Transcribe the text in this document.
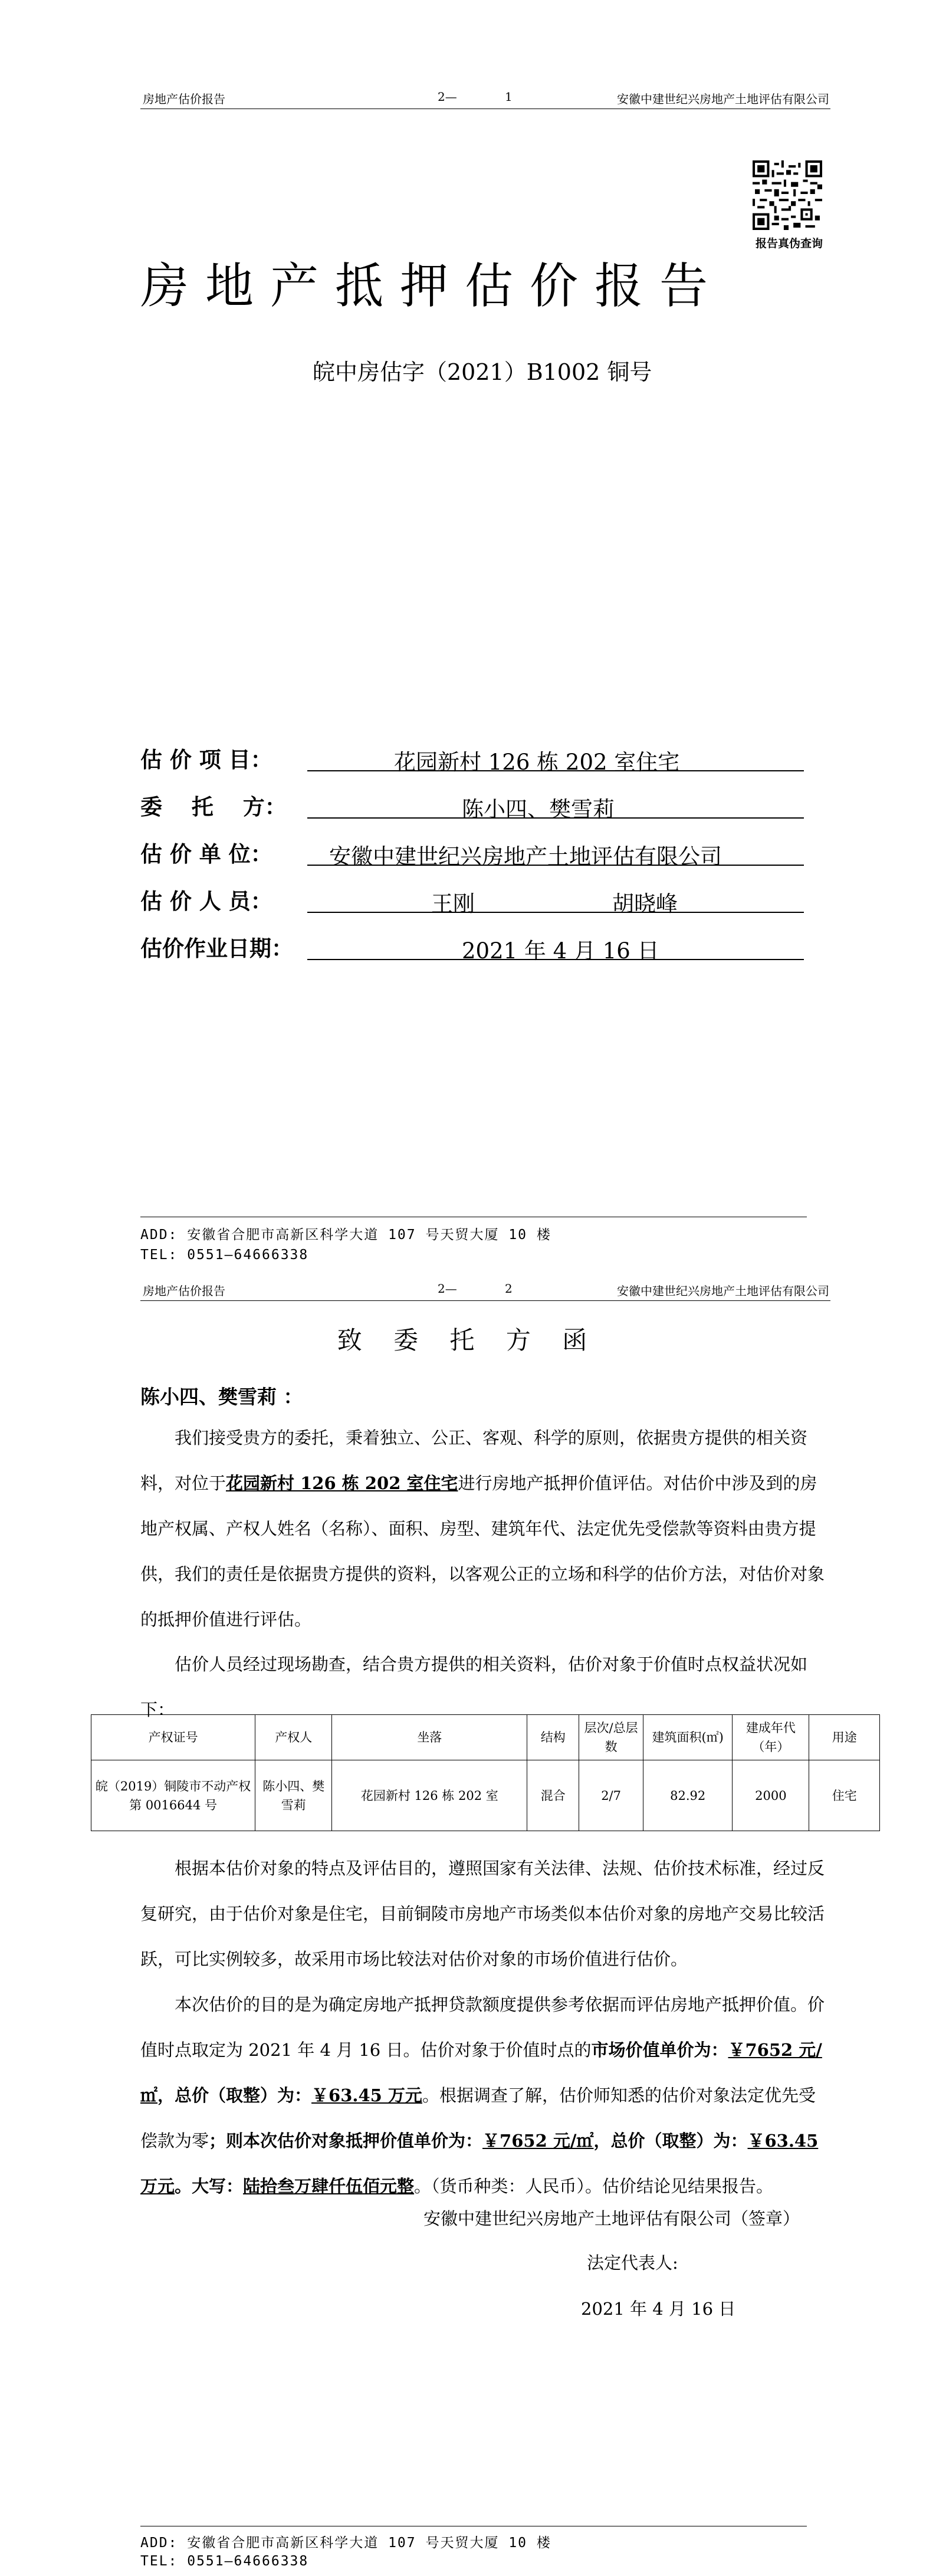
房地产估价报告	2—	1	安徽中建世纪兴房地产土地评估有限公司
报告真伪查询
房地产抵押估价报告
皖中房估字（2021）B1002 铜号
估 价 项 目：	花园新村 126 栋 202 室住宅
委　 托　 方：	陈小四、樊雪莉
估 价 单 位：	安徽中建世纪兴房地产土地评估有限公司
估 价 人 员：	王刚	胡晓峰
估价作业日期：	2021 年 4 月 16 日
ADD: 安徽省合肥市高新区科学大道 107 号天贸大厦 10 楼
TEL: 0551—64666338
房地产估价报告	2—	2	安徽中建世纪兴房地产土地评估有限公司
致 委 托 方 函
陈小四、樊雪莉 ：
我们接受贵方的委托，秉着独立、公正、客观、科学的原则，依据贵方提供的相关资料，对位于花园新村 126 栋 202 室住宅进行房地产抵押价值评估。对估价中涉及到的房地产权属、产权人姓名（名称）、面积、房型、建筑年代、法定优先受偿款等资料由贵方提供，我们的责任是依据贵方提供的资料，以客观公正的立场和科学的估价方法，对估价对象的抵押价值进行评估。
估价人员经过现场勘查，结合贵方提供的相关资料，估价对象于价值时点权益状况如下：
产权证号	产权人	坐落	结构	层次/总层数	建筑面积(㎡)	建成年代（年）	用途
皖（2019）铜陵市不动产权第 0016644 号	陈小四、樊雪莉	花园新村 126 栋 202 室	混合	2/7	82.92	2000	住宅
根据本估价对象的特点及评估目的，遵照国家有关法律、法规、估价技术标准，经过反复研究，由于估价对象是住宅，目前铜陵市房地产市场类似本估价对象的房地产交易比较活跃，可比实例较多，故采用市场比较法对估价对象的市场价值进行估价。
本次估价的目的是为确定房地产抵押贷款额度提供参考依据而评估房地产抵押价值。价值时点取定为 2021 年 4 月 16 日。估价对象于价值时点的市场价值单价为：￥7652 元/㎡，总价（取整）为：￥63.45 万元。根据调查了解，估价师知悉的估价对象法定优先受偿款为零；则本次估价对象抵押价值单价为：￥7652 元/㎡，总价（取整）为：￥63.45 万元。大写：陆拾叁万肆仟伍佰元整。（货币种类：人民币）。估价结论见结果报告。
安徽中建世纪兴房地产土地评估有限公司（签章）
法定代表人:
2021 年 4 月 16 日
ADD: 安徽省合肥市高新区科学大道 107 号天贸大厦 10 楼
TEL: 0551—64666338
